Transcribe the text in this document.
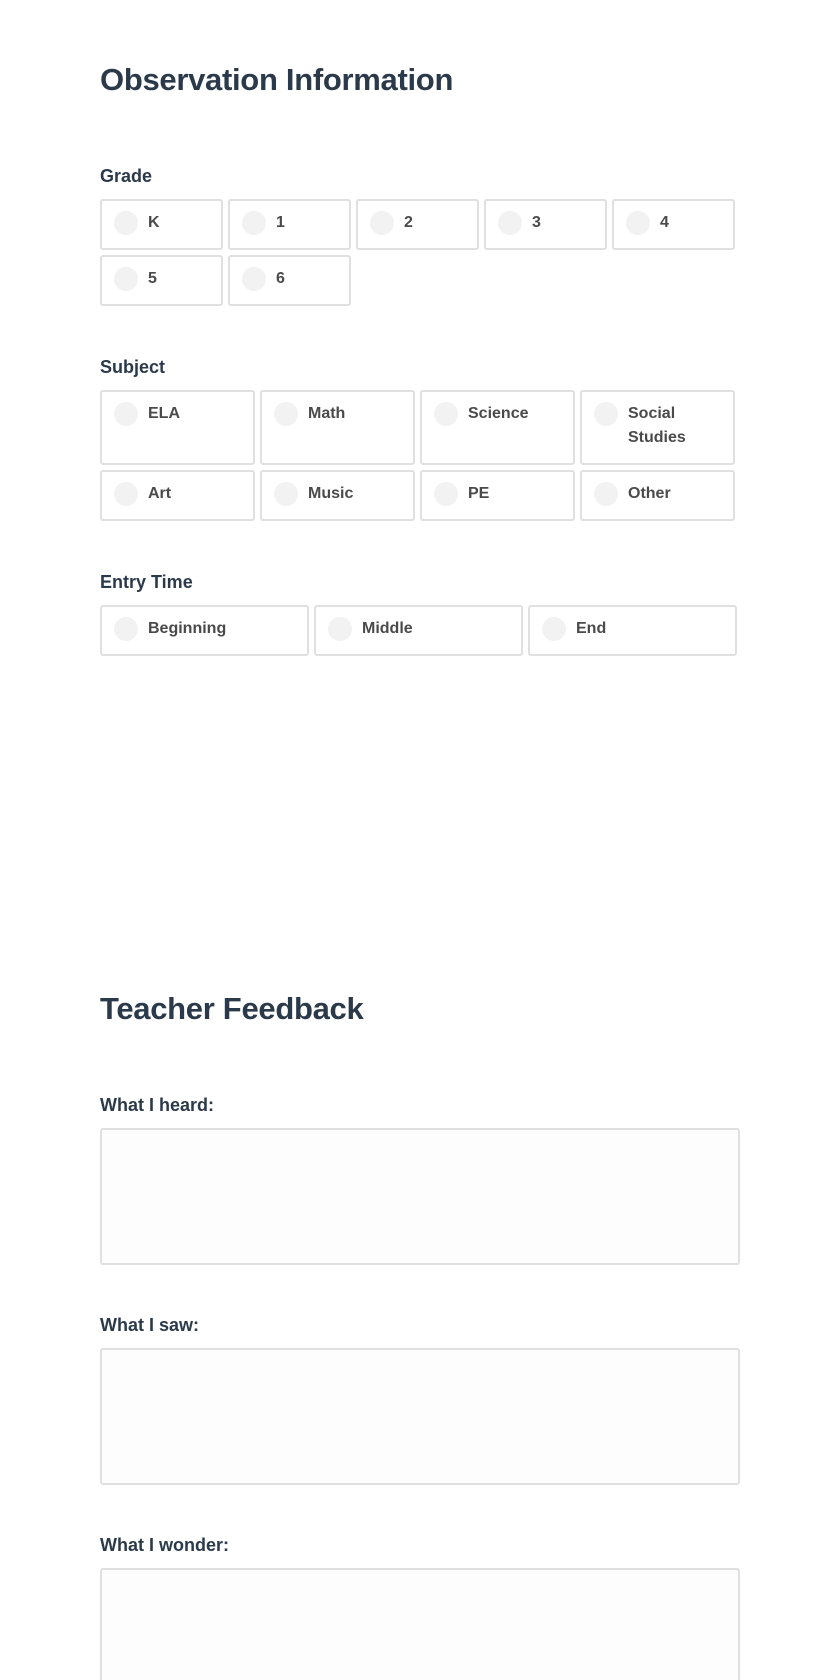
Observation Information
Grade
K	1	2	3	4
5	6
Subject
ELA	Math	Science	Social Studies
Art	Music	PE	Other
Entry Time
Beginning	Middle	End
Teacher Feedback
What I heard:
What I saw:
What I wonder:
